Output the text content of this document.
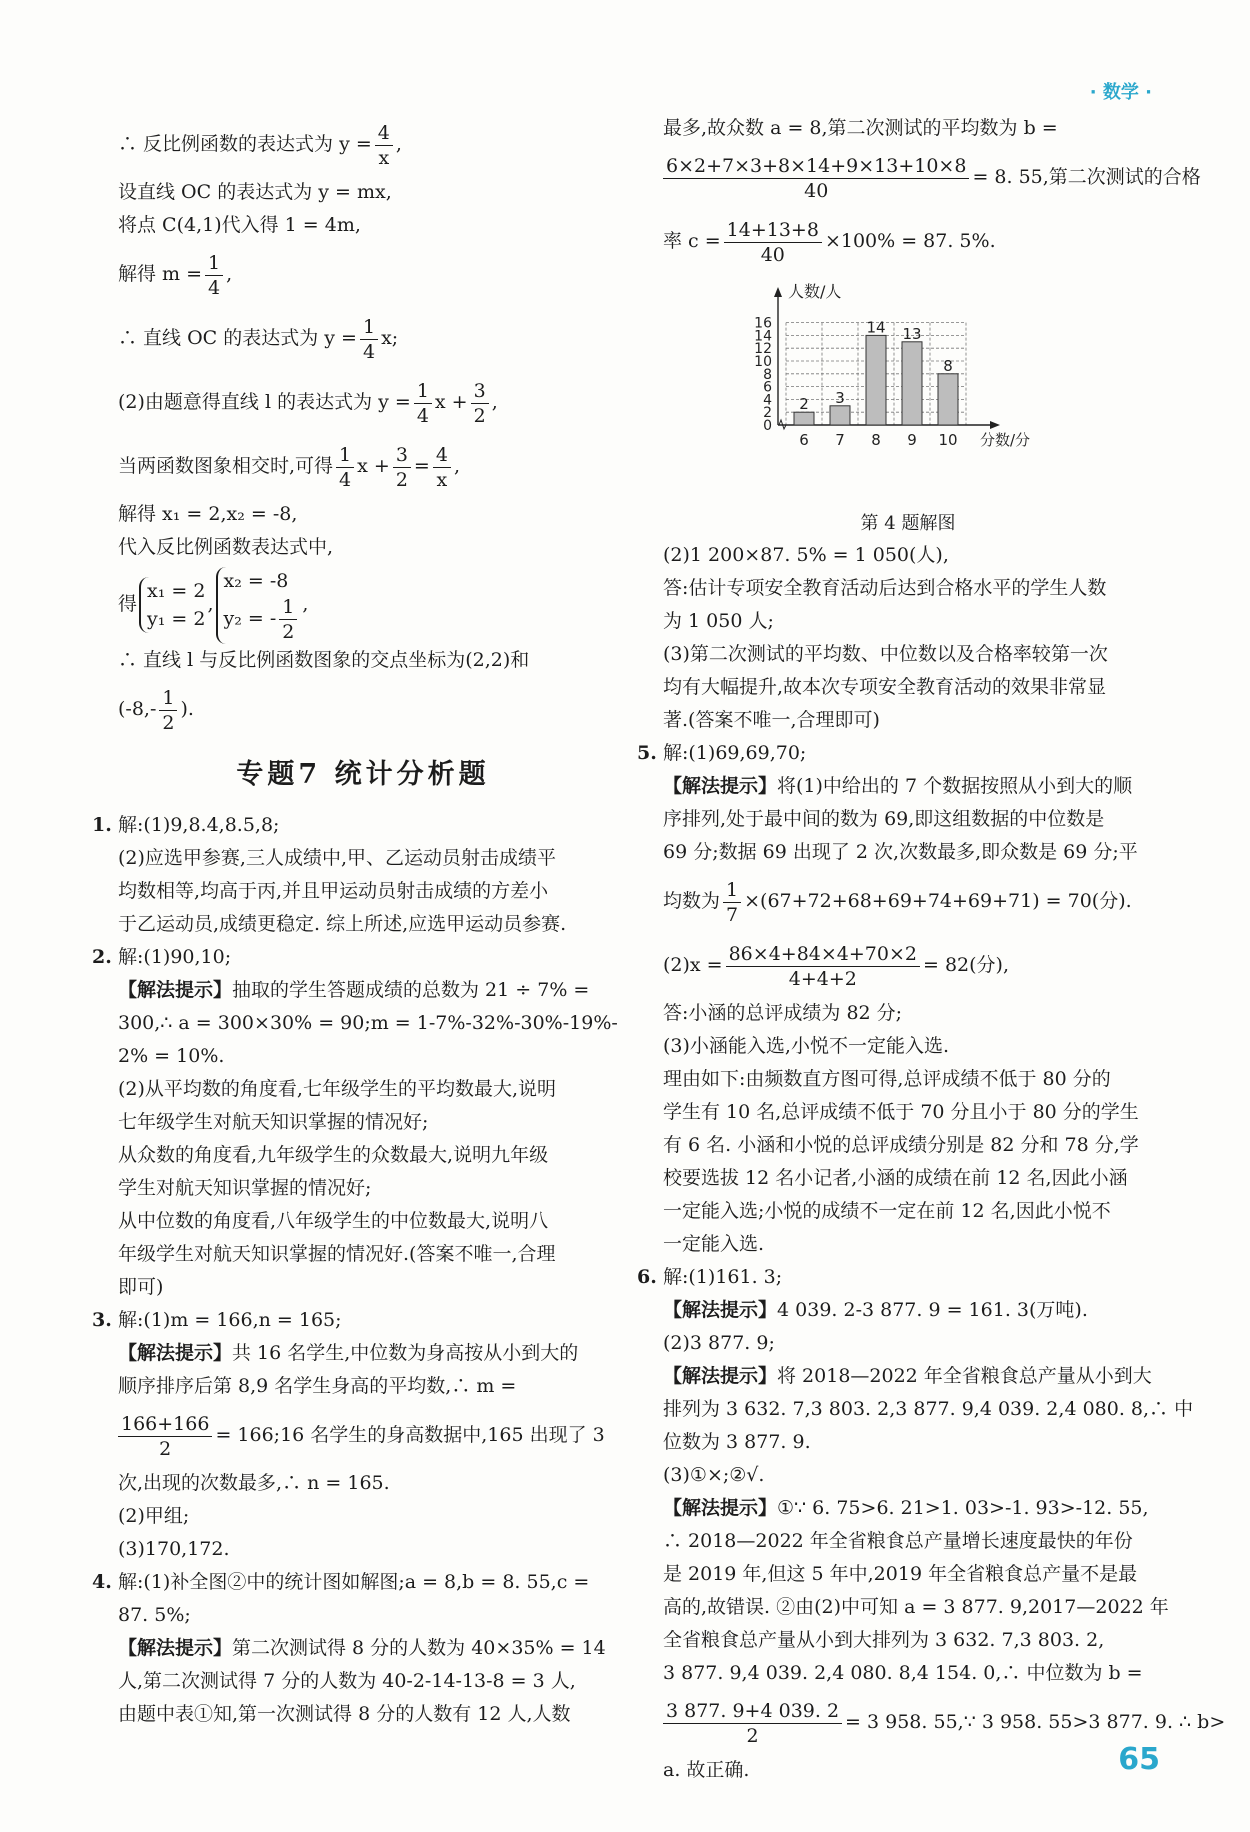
· 数学 ·
∴ 反比例函数的表达式为 $y = \frac{4}{x}$ ,
设直线 OC 的表达式为 y = mx,
将点 C(4,1)代入得 1 = 4m,
解得 $m = \frac{1}{4}$ ,
∴ 直线 OC 的表达式为 $y = \frac{1}{4} x$;
(2)由题意得直线 l 的表达式为 $y = \frac{1}{4}$ $x + \frac{3}{2}$ ,
当两函数图象相交时,可得 $\frac{1}{4}$ $x + \frac{3}{2} = \frac{4}{x}$ ,
解得 x₁ = 2,x₂ = -8,
代入反比例函数表达式中,
得
x₁ = 2
y₁ = 2
,
x₂ = -8
y₂ = - $\frac{1}{2}$ ,
∴ 直线 l 与反比例函数图象的交点坐标为(2,2)和
($-8,- \frac{1}{2}$ ).
专题7 统计分析题
1. 解:(1)9,8.4,8.5,8;
(2)应选甲参赛,三人成绩中,甲、乙运动员射击成绩平
均数相等,均高于丙,并且甲运动员射击成绩的方差小
于乙运动员,成绩更稳定. 综上所述,应选甲运动员参赛.
2. 解:(1)90,10;
【解法提示】抽取的学生答题成绩的总数为 21 ÷ 7% =
300,∴ a = 300×30% = 90;m = 1-7%-32%-30%-19%-
2% = 10%.
(2)从平均数的角度看,七年级学生的平均数最大,说明
七年级学生对航天知识掌握的情况好;
从众数的角度看,九年级学生的众数最大,说明九年级
学生对航天知识掌握的情况好;
从中位数的角度看,八年级学生的中位数最大,说明八
年级学生对航天知识掌握的情况好.(答案不唯一,合理
即可)
3. 解:(1)m = 166,n = 165;
【解法提示】共 16 名学生,中位数为身高按从小到大的
顺序排序后第 8,9 名学生身高的平均数,∴ m =
$\frac{166+166}{2}$ = 166;16 名学生的身高数据中,165 出现了 3
次,出现的次数最多,∴ n = 165.
(2)甲组;
(3)170,172.
4. 解:(1)补全图②中的统计图如解图;a = 8,b = 8. 55,c =
87. 5%;
【解法提示】第二次测试得 8 分的人数为 40×35% = 14
人,第二次测试得 7 分的人数为 40-2-14-13-8 = 3 人,
由题中表①知,第一次测试得 8 分的人数有 12 人,人数
最多,故众数 a = 8,第二次测试的平均数为 b =
$\frac{6\times 2+7\times 3+8\times 14+9\times 13+10\times 8}{40} = 8$. 55,第二次测试的合格
率 $c = \frac{14+13+8}{40} \times 100\% = 87$. 5%.
0
2
4
6
8
10
12
14
16
2
6
3
7
14
8
13
9
8
10
人数/人
分数/分
第 4 题解图
(2)1 200×87. 5% = 1 050(人),
答:估计专项安全教育活动后达到合格水平的学生人数
为 1 050 人;
(3)第二次测试的平均数、中位数以及合格率较第一次
均有大幅提升,故本次专项安全教育活动的效果非常显
著.(答案不唯一,合理即可)
5. 解:(1)69,69,70;
【解法提示】将(1)中给出的 7 个数据按照从小到大的顺
序排列,处于最中间的数为 69,即这组数据的中位数是
69 分;数据 69 出现了 2 次,次数最多,即众数是 69 分;平
均数为 $\frac{1}{7} \times(67+72+68+69+74+69+71) = 70$(分).
$(2)x = \frac{86\times 4+84\times 4+70\times 2}{4+4+2} = 82$(分),
答:小涵的总评成绩为 82 分;
(3)小涵能入选,小悦不一定能入选.
理由如下:由频数直方图可得,总评成绩不低于 80 分的
学生有 10 名,总评成绩不低于 70 分且小于 80 分的学生
有 6 名. 小涵和小悦的总评成绩分别是 82 分和 78 分,学
校要选拔 12 名小记者,小涵的成绩在前 12 名,因此小涵
一定能入选;小悦的成绩不一定在前 12 名,因此小悦不
一定能入选.
6. 解:(1)161. 3;
【解法提示】4 039. 2-3 877. 9 = 161. 3(万吨).
(2)3 877. 9;
【解法提示】将 2018—2022 年全省粮食总产量从小到大
排列为 3 632. 7,3 803. 2,3 877. 9,4 039. 2,4 080. 8,∴ 中
位数为 3 877. 9.
(3)①×;②√.
【解法提示】①∵ 6. 75>6. 21>1. 03>-1. 93>-12. 55,
∴ 2018—2022 年全省粮食总产量增长速度最快的年份
是 2019 年,但这 5 年中,2019 年全省粮食总产量不是最
高的,故错误. ②由(2)中可知 a = 3 877. 9,2017—2022 年
全省粮食总产量从小到大排列为 3 632. 7,3 803. 2,
3 877. 9,4 039. 2,4 080. 8,4 154. 0,∴ 中位数为 b =
$\frac{3 877. 9+4 039. 2}{2} = 3$ 958. 55,∵ 3 958. 55>3 877. 9. ∴ b>
a. 故正确.	65
